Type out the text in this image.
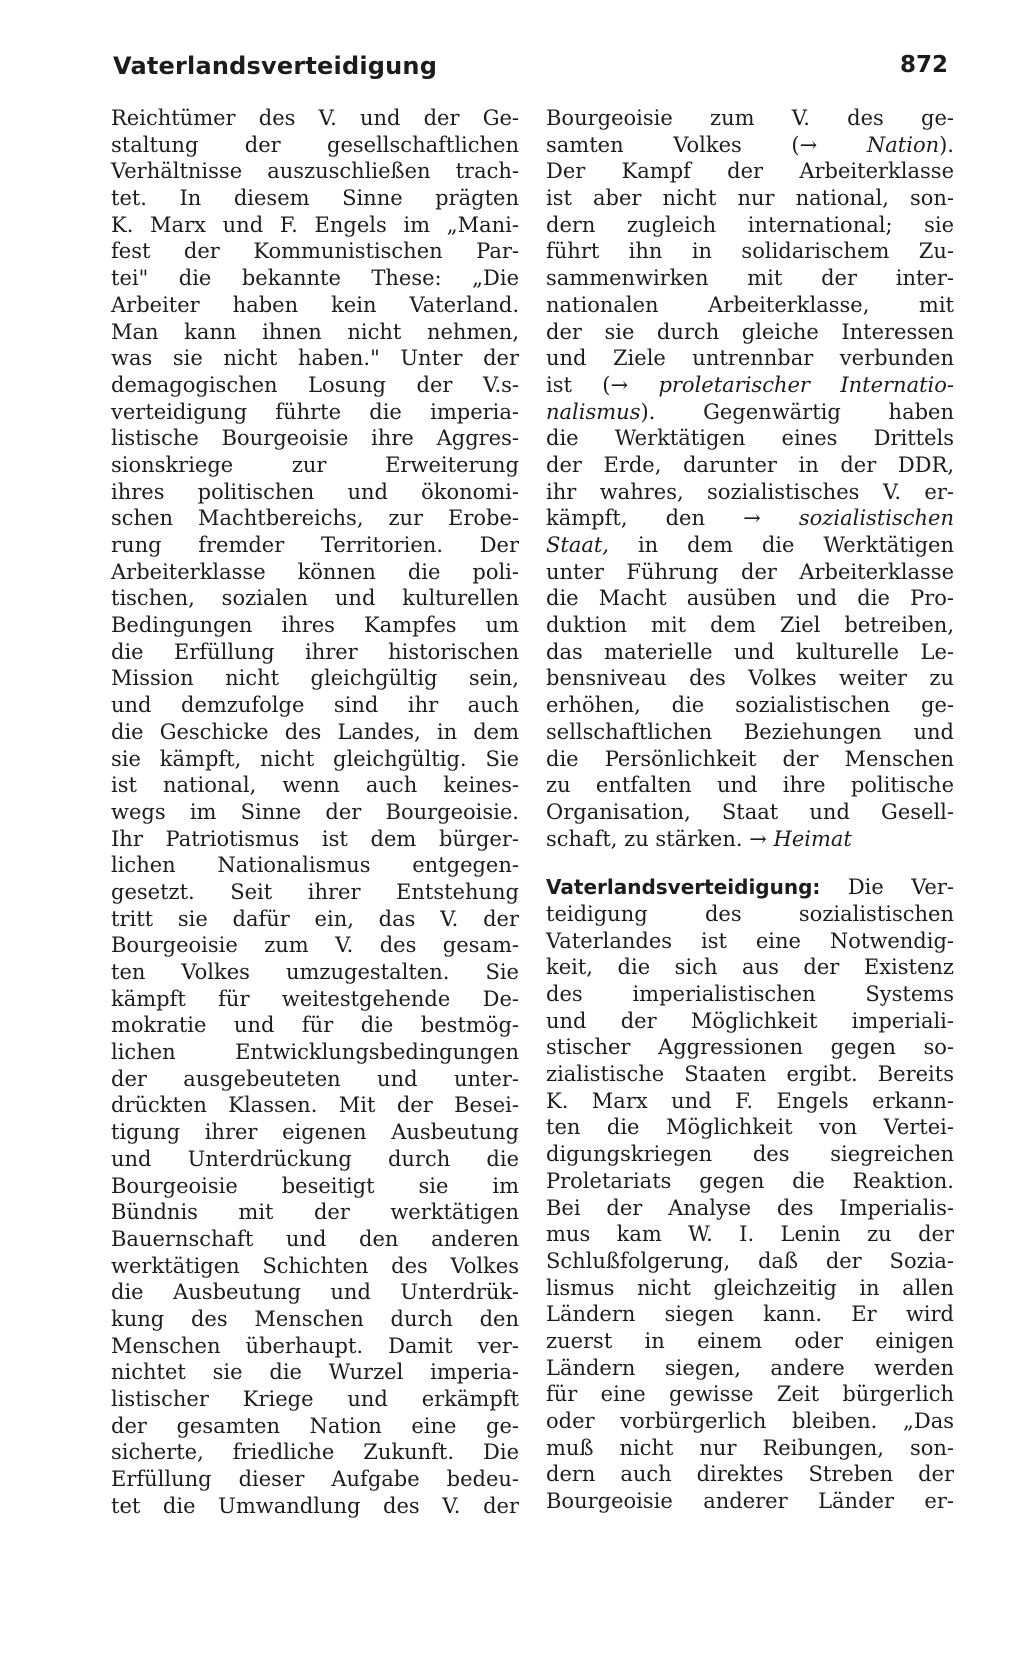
Vaterlandsverteidigung	872
Reichtümer des V. und der Ge-
staltung der gesellschaftlichen
Verhältnisse auszuschließen trach-
tet. In diesem Sinne prägten
K. Marx und F. Engels im „Mani-
fest der Kommunistischen Par-
tei" die bekannte These: „Die
Arbeiter haben kein Vaterland.
Man kann ihnen nicht nehmen,
was sie nicht haben." Unter der
demagogischen Losung der V.s-
verteidigung führte die imperia-
listische Bourgeoisie ihre Aggres-
sionskriege zur Erweiterung
ihres politischen und ökonomi-
schen Machtbereichs, zur Erobe-
rung fremder Territorien. Der
Arbeiterklasse können die poli-
tischen, sozialen und kulturellen
Bedingungen ihres Kampfes um
die Erfüllung ihrer historischen
Mission nicht gleichgültig sein,
und demzufolge sind ihr auch
die Geschicke des Landes, in dem
sie kämpft, nicht gleichgültig. Sie
ist national, wenn auch keines-
wegs im Sinne der Bourgeoisie.
Ihr Patriotismus ist dem bürger-
lichen Nationalismus entgegen-
gesetzt. Seit ihrer Entstehung
tritt sie dafür ein, das V. der
Bourgeoisie zum V. des gesam-
ten Volkes umzugestalten. Sie
kämpft für weitestgehende De-
mokratie und für die bestmög-
lichen Entwicklungsbedingungen
der ausgebeuteten und unter-
drückten Klassen. Mit der Besei-
tigung ihrer eigenen Ausbeutung
und Unterdrückung durch die
Bourgeoisie beseitigt sie im
Bündnis mit der werktätigen
Bauernschaft und den anderen
werktätigen Schichten des Volkes
die Ausbeutung und Unterdrük-
kung des Menschen durch den
Menschen überhaupt. Damit ver-
nichtet sie die Wurzel imperia-
listischer Kriege und erkämpft
der gesamten Nation eine ge-
sicherte, friedliche Zukunft. Die
Erfüllung dieser Aufgabe bedeu-
tet die Umwandlung des V. der
Bourgeoisie zum V. des ge-
samten Volkes (→ Nation).
Der Kampf der Arbeiterklasse
ist aber nicht nur national, son-
dern zugleich international; sie
führt ihn in solidarischem Zu-
sammenwirken mit der inter-
nationalen Arbeiterklasse, mit
der sie durch gleiche Interessen
und Ziele untrennbar verbunden
ist (→ proletarischer Internatio-
nalismus). Gegenwärtig haben
die Werktätigen eines Drittels
der Erde, darunter in der DDR,
ihr wahres, sozialistisches V. er-
kämpft, den → sozialistischen
Staat, in dem die Werktätigen
unter Führung der Arbeiterklasse
die Macht ausüben und die Pro-
duktion mit dem Ziel betreiben,
das materielle und kulturelle Le-
bensniveau des Volkes weiter zu
erhöhen, die sozialistischen ge-
sellschaftlichen Beziehungen und
die Persönlichkeit der Menschen
zu entfalten und ihre politische
Organisation, Staat und Gesell-
schaft, zu stärken. → Heimat
Vaterlandsverteidigung: Die Ver-
teidigung des sozialistischen
Vaterlandes ist eine Notwendig-
keit, die sich aus der Existenz
des imperialistischen Systems
und der Möglichkeit imperiali-
stischer Aggressionen gegen so-
zialistische Staaten ergibt. Bereits
K. Marx und F. Engels erkann-
ten die Möglichkeit von Vertei-
digungskriegen des siegreichen
Proletariats gegen die Reaktion.
Bei der Analyse des Imperialis-
mus kam W. I. Lenin zu der
Schlußfolgerung, daß der Sozia-
lismus nicht gleichzeitig in allen
Ländern siegen kann. Er wird
zuerst in einem oder einigen
Ländern siegen, andere werden
für eine gewisse Zeit bürgerlich
oder vorbürgerlich bleiben. „Das
muß nicht nur Reibungen, son-
dern auch direktes Streben der
Bourgeoisie anderer Länder er-
